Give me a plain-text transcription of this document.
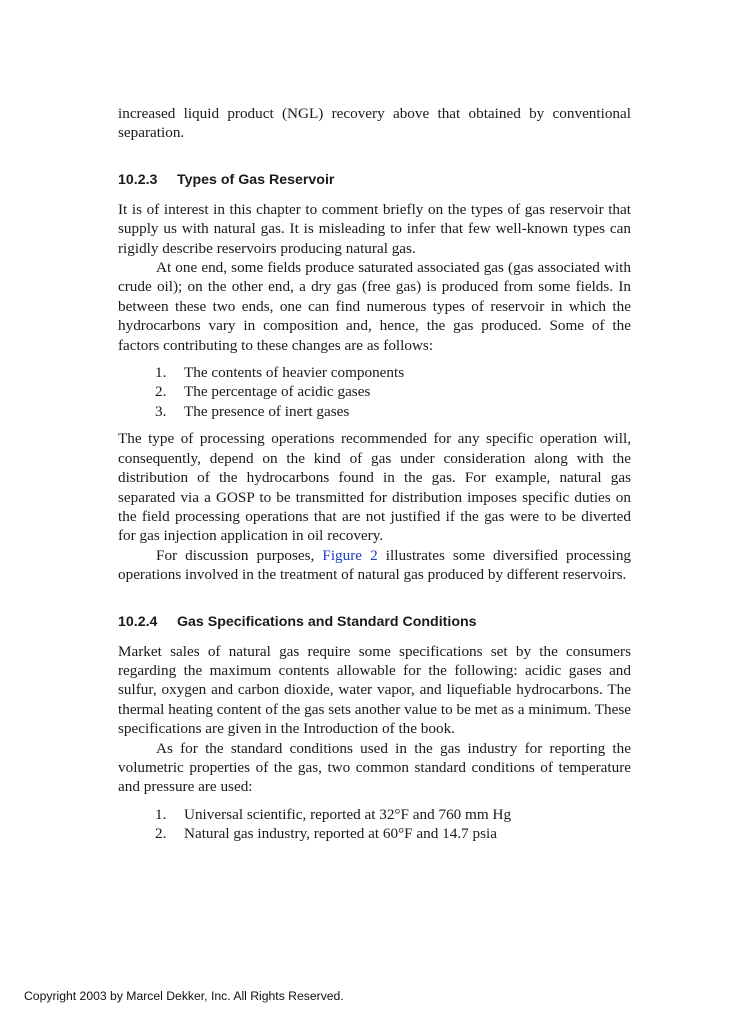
increased liquid product (NGL) recovery above that obtained by conventional separation.

10.2.3 Types of Gas Reservoir

It is of interest in this chapter to comment briefly on the types of gas reservoir that supply us with natural gas. It is misleading to infer that few well-known types can rigidly describe reservoirs producing natural gas.

At one end, some fields produce saturated associated gas (gas associated with crude oil); on the other end, a dry gas (free gas) is produced from some fields. In between these two ends, one can find numerous types of reservoir in which the hydrocarbons vary in composition and, hence, the gas produced. Some of the factors contributing to these changes are as follows:

1.	The contents of heavier components
2.	The percentage of acidic gases
3.	The presence of inert gases

The type of processing operations recommended for any specific operation will, consequently, depend on the kind of gas under consideration along with the distribution of the hydrocarbons found in the gas. For example, natural gas separated via a GOSP to be transmitted for distribution imposes specific duties on the field processing operations that are not justified if the gas were to be diverted for gas injection application in oil recovery.

For discussion purposes, Figure 2 illustrates some diversified processing operations involved in the treatment of natural gas produced by different reservoirs.

10.2.4 Gas Specifications and Standard Conditions

Market sales of natural gas require some specifications set by the consumers regarding the maximum contents allowable for the following: acidic gases and sulfur, oxygen and carbon dioxide, water vapor, and liquefiable hydrocarbons. The thermal heating content of the gas sets another value to be met as a minimum. These specifications are given in the Introduction of the book.

As for the standard conditions used in the gas industry for reporting the volumetric properties of the gas, two common standard conditions of temperature and pressure are used:

1.	Universal scientific, reported at 32°F and 760 mm Hg
2.	Natural gas industry, reported at 60°F and 14.7 psia
Copyright 2003 by Marcel Dekker, Inc. All Rights Reserved.
